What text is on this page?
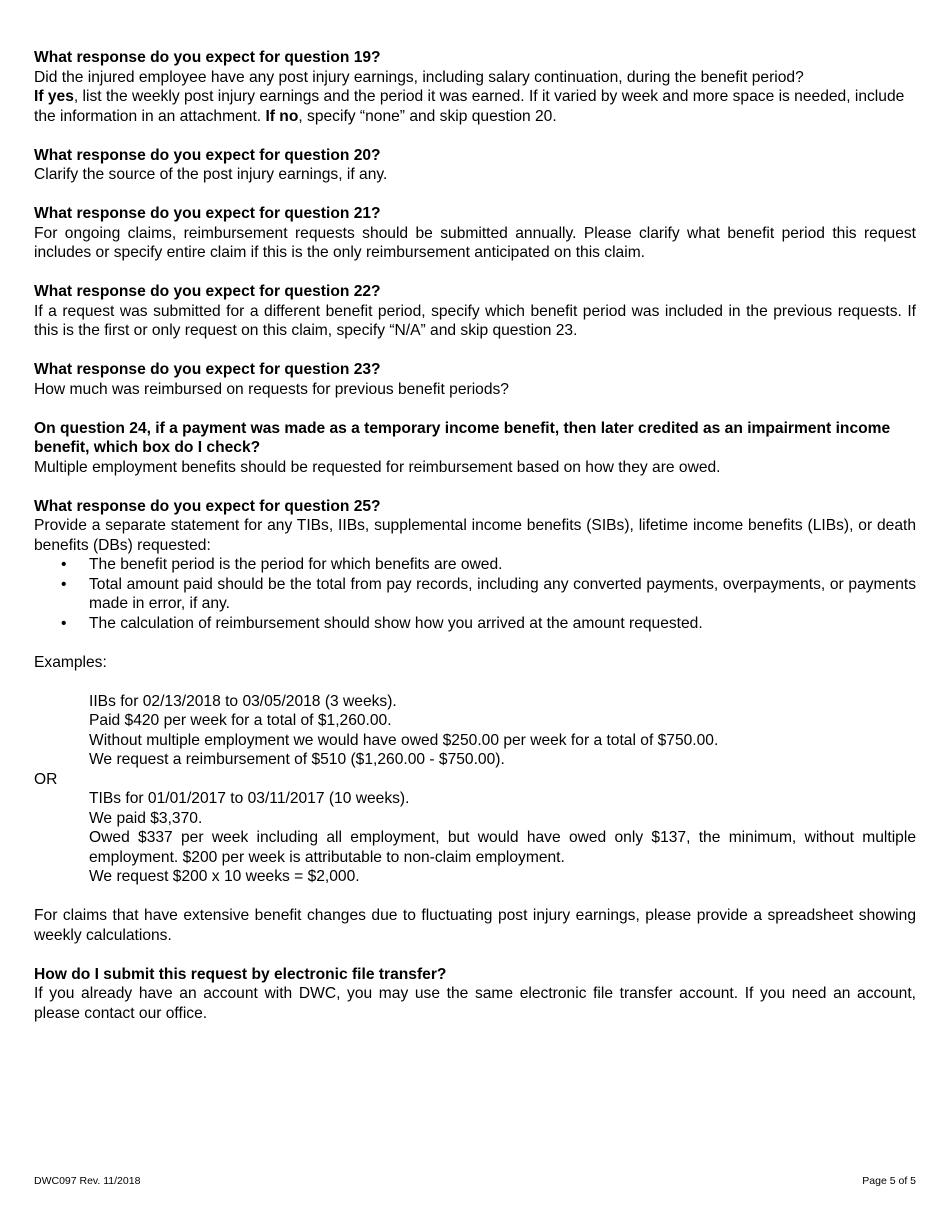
What response do you expect for question 19?

Did the injured employee have any post injury earnings, including salary continuation, during the benefit period?

If yes, list the weekly post injury earnings and the period it was earned. If it varied by week and more space is needed, include the information in an attachment. If no, specify “none” and skip question 20.

What response do you expect for question 20?

Clarify the source of the post injury earnings, if any.

What response do you expect for question 21?

For ongoing claims, reimbursement requests should be submitted annually. Please clarify what benefit period this request includes or specify entire claim if this is the only reimbursement anticipated on this claim.

What response do you expect for question 22?

If a request was submitted for a different benefit period, specify which benefit period was included in the previous requests. If this is the first or only request on this claim, specify “N/A” and skip question 23.

What response do you expect for question 23?

How much was reimbursed on requests for previous benefit periods?

On question 24, if a payment was made as a temporary income benefit, then later credited as an impairment income benefit, which box do I check?

Multiple employment benefits should be requested for reimbursement based on how they are owed.

What response do you expect for question 25?

Provide a separate statement for any TIBs, IIBs, supplemental income benefits (SIBs), lifetime income benefits (LIBs), or death benefits (DBs) requested:

• The benefit period is the period for which benefits are owed.
• Total amount paid should be the total from pay records, including any converted payments, overpayments, or payments made in error, if any.
• The calculation of reimbursement should show how you arrived at the amount requested.
Examples:
IIBs for 02/13/2018 to 03/05/2018 (3 weeks).
Paid $420 per week for a total of $1,260.00.
Without multiple employment we would have owed $250.00 per week for a total of $750.00.
We request a reimbursement of $510 ($1,260.00 - $750.00).
OR
TIBs for 01/01/2017 to 03/11/2017 (10 weeks).
We paid $3,370.
Owed $337 per week including all employment, but would have owed only $137, the minimum, without multiple employment. $200 per week is attributable to non-claim employment.
We request $200 x 10 weeks = $2,000.
For claims that have extensive benefit changes due to fluctuating post injury earnings, please provide a spreadsheet showing weekly calculations.
How do I submit this request by electronic file transfer?

If you already have an account with DWC, you may use the same electronic file transfer account. If you need an account, please contact our office.

DWC097 Rev. 11/2018	Page 5 of 5
